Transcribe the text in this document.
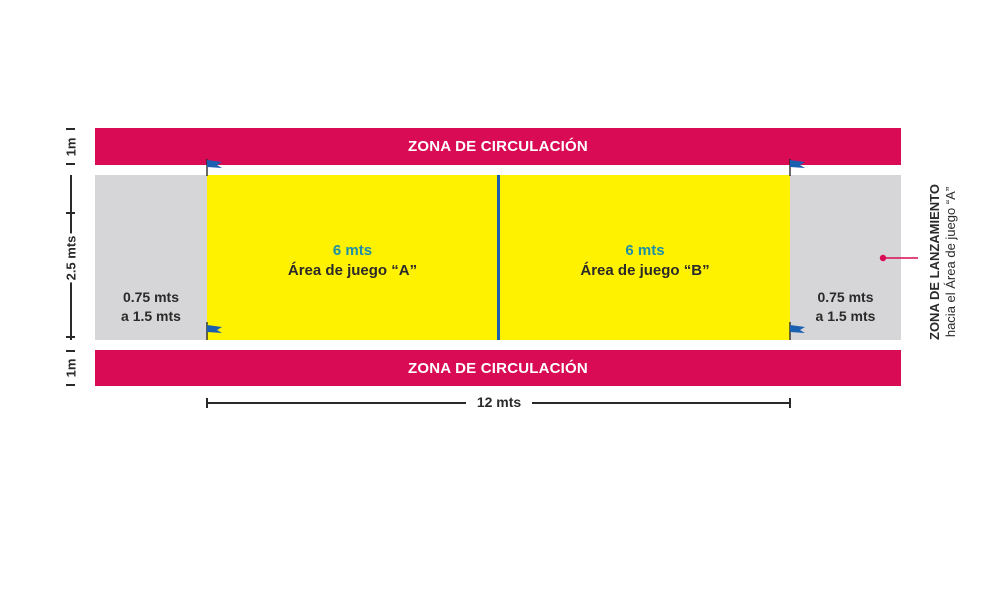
ZONA DE CIRCULACIÓN
0.75 mts
a 1.5 mts
6 mts
Área de juego “A”
6 mts
Área de juego “B”
0.75 mts
a 1.5 mts
ZONA DE CIRCULACIÓN
1m
2.5 mts
1m
12 mts
ZONA DE LANZAMIENTO hacia el Área de juego “A”
